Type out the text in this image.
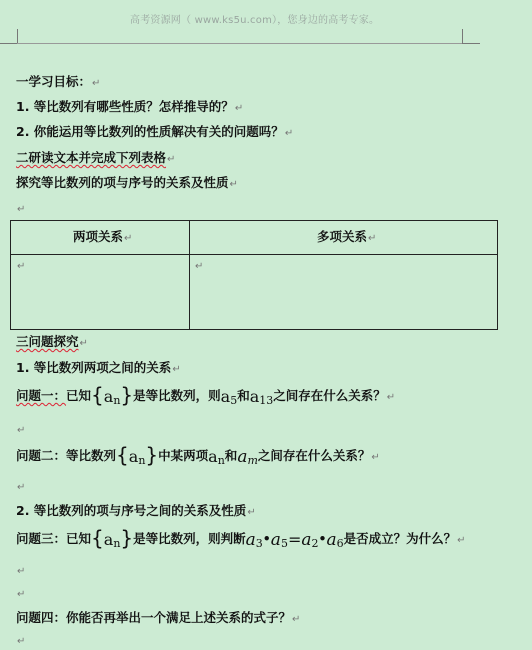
高考资源网（ www.ks5u.com），您身边的高考专家。
一学习目标：↵
1. 等比数列有哪些性质？怎样推导的？↵
2. 你能运用等比数列的性质解决有关的问题吗？↵
二研读文本并完成下列表格↵
探究等比数列的项与序号的关系及性质↵
↵
两项关系↵	多项关系↵
↵	↵
三问题探究↵
1. 等比数列两项之间的关系↵
问题一：已知{an}是等比数列，则a5和a13之间存在什么关系？↵
↵
问题二：等比数列{an}中某两项an和am之间存在什么关系？↵
↵
2. 等比数列的项与序号之间的关系及性质↵
问题三：已知{an}是等比数列，则判断a3•a5=a2•a6是否成立？为什么？↵
↵
↵
问题四：你能否再举出一个满足上述关系的式子？↵
↵
